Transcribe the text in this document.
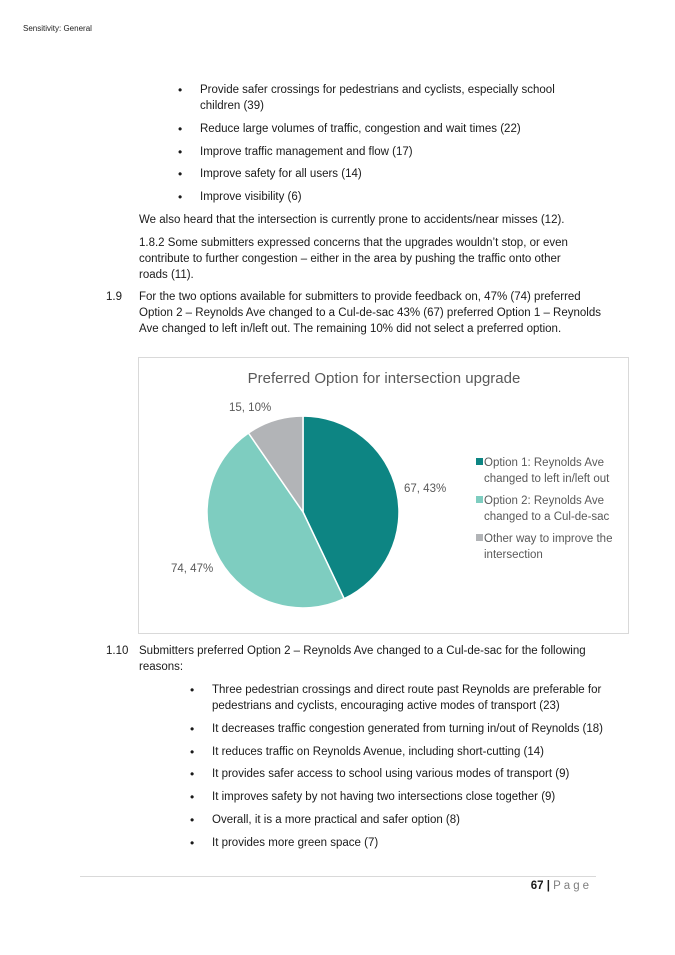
Sensitivity: General
• Provide safer crossings for pedestrians and cyclists, especially school children (39)
• Reduce large volumes of traffic, congestion and wait times (22)
• Improve traffic management and flow (17)
• Improve safety for all users (14)
• Improve visibility (6)
We also heard that the intersection is currently prone to accidents/near misses (12).
1.8.2 Some submitters expressed concerns that the upgrades wouldn’t stop, or even contribute to further congestion – either in the area by pushing the traffic onto other roads (11).
1.9 For the two options available for submitters to provide feedback on, 47% (74) preferred Option 2 – Reynolds Ave changed to a Cul-de-sac 43% (67) preferred Option 1 – Reynolds Ave changed to left in/left out. The remaining 10% did not select a preferred option.
Preferred Option for intersection upgrade
67, 43%
74, 47%
15, 10%
Option 1: Reynolds Ave
changed to left in/left out
Option 2: Reynolds Ave
changed to a Cul-de-sac
Other way to improve the
intersection
1.10 Submitters preferred Option 2 – Reynolds Ave changed to a Cul-de-sac for the following reasons:
• Three pedestrian crossings and direct route past Reynolds are preferable for pedestrians and cyclists, encouraging active modes of transport (23)
• It decreases traffic congestion generated from turning in/out of Reynolds (18)
• It reduces traffic on Reynolds Avenue, including short-cutting (14)
• It provides safer access to school using various modes of transport (9)
• It improves safety by not having two intersections close together (9)
• Overall, it is a more practical and safer option (8)
• It provides more green space (7)
67 | Page
